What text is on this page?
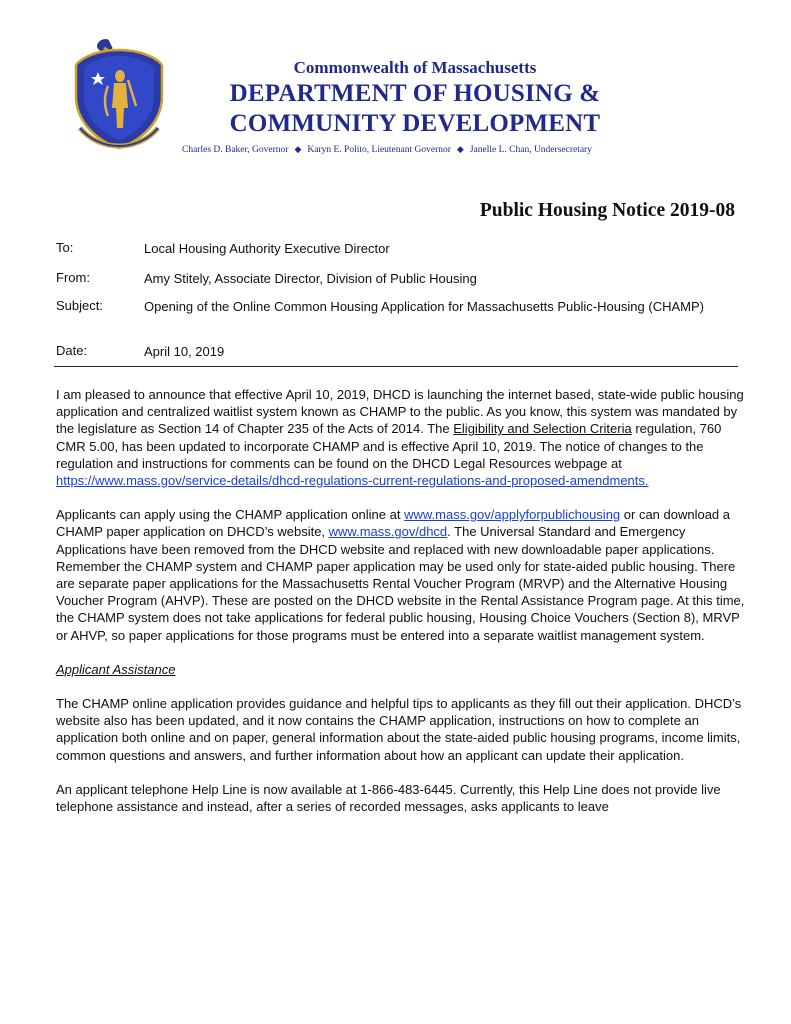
Commonwealth of Massachusetts
DEPARTMENT OF HOUSING &
COMMUNITY DEVELOPMENT
Charles D. Baker, Governor ◆ Karyn E. Polito, Lieutenant Governor ◆ Janelle L. Chan, Undersecretary
Public Housing Notice 2019-08
To:	Local Housing Authority Executive Director
From:	Amy Stitely, Associate Director, Division of Public Housing
Subject:	Opening of the Online Common Housing Application for Massachusetts Public-Housing (CHAMP)
Date:	April 10, 2019

I am pleased to announce that effective April 10, 2019, DHCD is launching the internet based, state-wide public housing application and centralized waitlist system known as CHAMP to the public. As you know, this system was mandated by the legislature as Section 14 of Chapter 235 of the Acts of 2014. The Eligibility and Selection Criteria regulation, 760 CMR 5.00, has been updated to incorporate CHAMP and is effective April 10, 2019. The notice of changes to the regulation and instructions for comments can be found on the DHCD Legal Resources webpage at https://www.mass.gov/service-details/dhcd-regulations-current-regulations-and-proposed-amendments.

Applicants can apply using the CHAMP application online at www.mass.gov/applyforpublichousing or can download a CHAMP paper application on DHCD’s website, www.mass.gov/dhcd. The Universal Standard and Emergency Applications have been removed from the DHCD website and replaced with new downloadable paper applications. Remember the CHAMP system and CHAMP paper application may be used only for state-aided public housing. There are separate paper applications for the Massachusetts Rental Voucher Program (MRVP) and the Alternative Housing Voucher Program (AHVP). These are posted on the DHCD website in the Rental Assistance Program page. At this time, the CHAMP system does not take applications for federal public housing, Housing Choice Vouchers (Section 8), MRVP or AHVP, so paper applications for those programs must be entered into a separate waitlist management system.

Applicant Assistance

The CHAMP online application provides guidance and helpful tips to applicants as they fill out their application. DHCD’s website also has been updated, and it now contains the CHAMP application, instructions on how to complete an application both online and on paper, general information about the state-aided public housing programs, income limits, common questions and answers, and further information about how an applicant can update their application.

An applicant telephone Help Line is now available at 1-866-483-6445. Currently, this Help Line does not provide live telephone assistance and instead, after a series of recorded messages, asks applicants to leave
